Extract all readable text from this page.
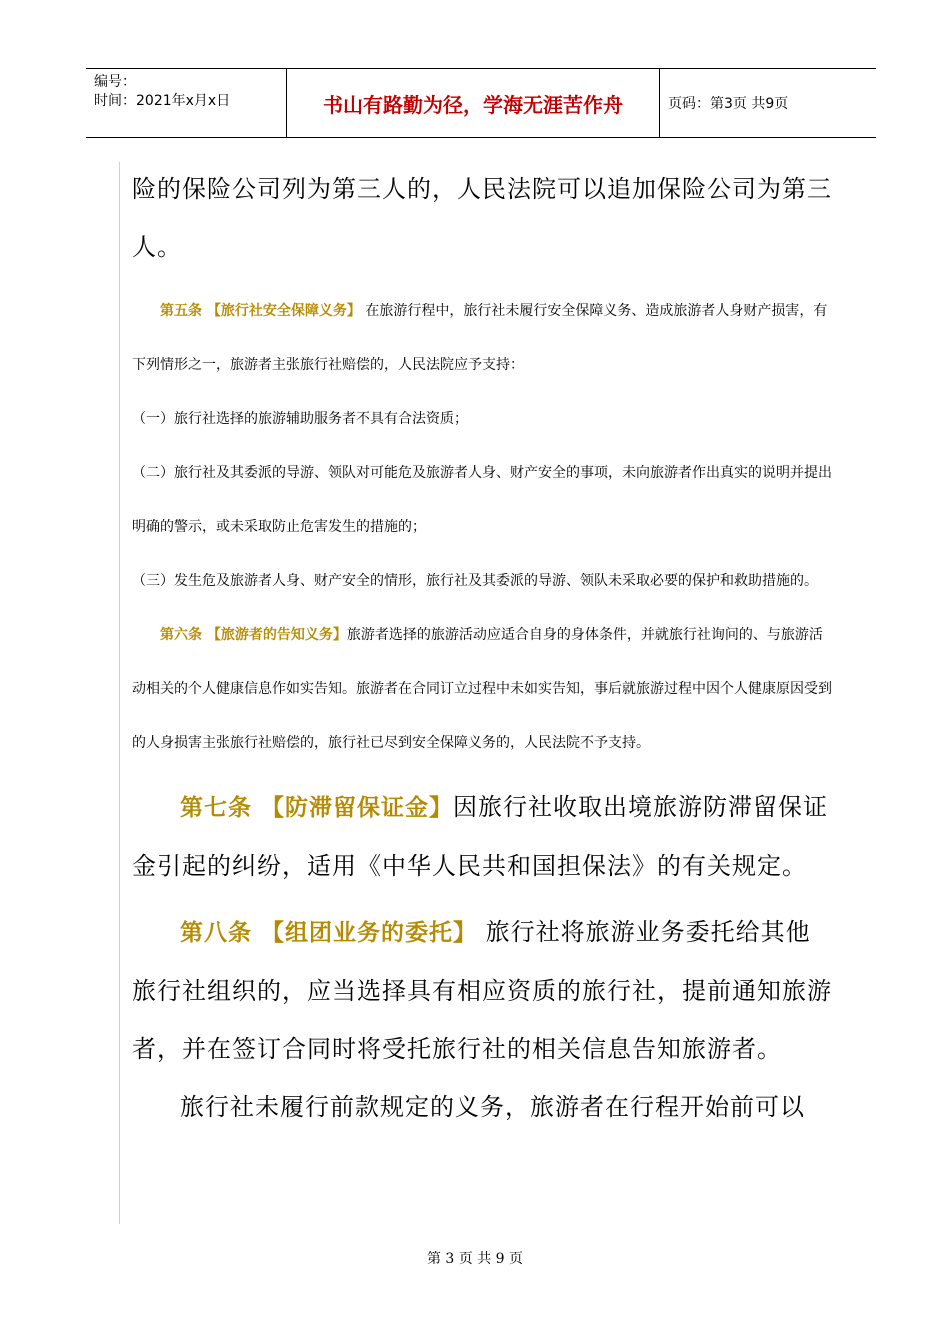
编号：
时间：2021年x月x日	书山有路勤为径，学海无涯苦作舟	页码：第3页 共9页

险的保险公司列为第三人的，人民法院可以追加保险公司为第三人。

第五条 【旅行社安全保障义务】 在旅游行程中，旅行社未履行安全保障义务、造成旅游者人身财产损害，有下列情形之一，旅游者主张旅行社赔偿的，人民法院应予支持：

（一）旅行社选择的旅游辅助服务者不具有合法资质；

（二）旅行社及其委派的导游、领队对可能危及旅游者人身、财产安全的事项，未向旅游者作出真实的说明并提出明确的警示，或未采取防止危害发生的措施的；

（三）发生危及旅游者人身、财产安全的情形，旅行社及其委派的导游、领队未采取必要的保护和救助措施的。

第六条 【旅游者的告知义务】旅游者选择的旅游活动应适合自身的身体条件，并就旅行社询问的、与旅游活动相关的个人健康信息作如实告知。旅游者在合同订立过程中未如实告知，事后就旅游过程中因个人健康原因受到的人身损害主张旅行社赔偿的，旅行社已尽到安全保障义务的，人民法院不予支持。

第七条 【防滞留保证金】因旅行社收取出境旅游防滞留保证金引起的纠纷，适用《中华人民共和国担保法》的有关规定。

第八条 【组团业务的委托】 旅行社将旅游业务委托给其他旅行社组织的，应当选择具有相应资质的旅行社，提前通知旅游者，并在签订合同时将受托旅行社的相关信息告知旅游者。

旅行社未履行前款规定的义务，旅游者在行程开始前可以

第 3 页 共 9 页
